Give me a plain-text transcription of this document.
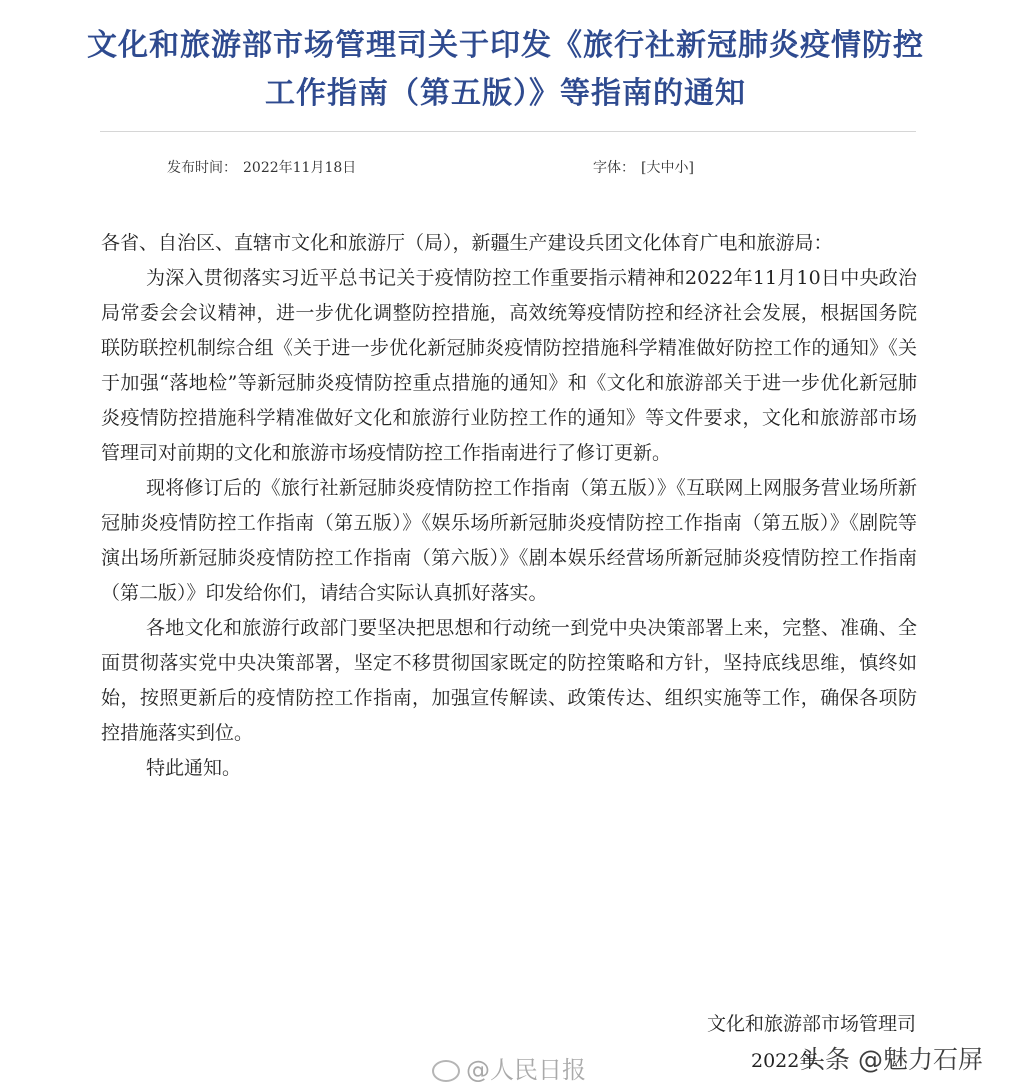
文化和旅游部市场管理司关于印发《旅行社新冠肺炎疫情防控
工作指南（第五版）》等指南的通知
发布时间： 2022年11月18日	字体： [大中小]

各省、自治区、直辖市文化和旅游厅（局），新疆生产建设兵团文化体育广电和旅游局：

为深入贯彻落实习近平总书记关于疫情防控工作重要指示精神和2022年11月10日中央政治局常委会会议精神，进一步优化调整防控措施，高效统筹疫情防控和经济社会发展，根据国务院联防联控机制综合组《关于进一步优化新冠肺炎疫情防控措施科学精准做好防控工作的通知》《关于加强“落地检”等新冠肺炎疫情防控重点措施的通知》和《文化和旅游部关于进一步优化新冠肺炎疫情防控措施科学精准做好文化和旅游行业防控工作的通知》等文件要求，文化和旅游部市场管理司对前期的文化和旅游市场疫情防控工作指南进行了修订更新。

现将修订后的《旅行社新冠肺炎疫情防控工作指南（第五版）》《互联网上网服务营业场所新冠肺炎疫情防控工作指南（第五版）》《娱乐场所新冠肺炎疫情防控工作指南（第五版）》《剧院等演出场所新冠肺炎疫情防控工作指南（第六版）》《剧本娱乐经营场所新冠肺炎疫情防控工作指南（第二版）》印发给你们，请结合实际认真抓好落实。

各地文化和旅游行政部门要坚决把思想和行动统一到党中央决策部署上来，完整、准确、全面贯彻落实党中央决策部署，坚定不移贯彻国家既定的防控策略和方针，坚持底线思维，慎终如始，按照更新后的疫情防控工作指南，加强宣传解读、政策传达、组织实施等工作，确保各项防控措施落实到位。

特此通知。

文化和旅游部市场管理司
2022年
@人民日报	头条 @魅力石屏
